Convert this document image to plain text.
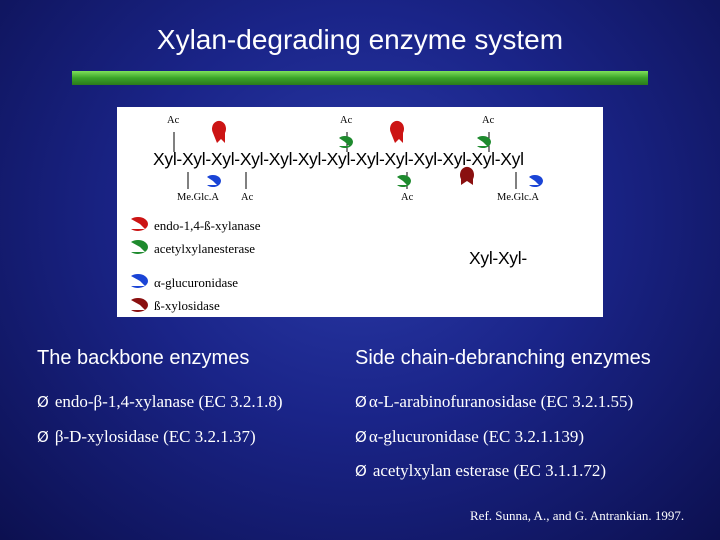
Xylan-degrading enzyme system
Ac	Ac	Ac
Xyl-Xyl-Xyl-Xyl-Xyl-Xyl-Xyl-Xyl-Xyl-Xyl-Xyl-Xyl-Xyl
Me.Glc.A Ac	Ac	Me.Glc.A
endo-1,4-ß-xylanase
acetylxylanesterase
α-glucuronidase
ß-xylosidase
Xyl-Xyl-
The backbone enzymes	Side chain-debranching enzymes
Ø endo-β-1,4-xylanase (EC 3.2.1.8)
Ø β-D-xylosidase (EC 3.2.1.37)
Ø α-L-arabinofuranosidase (EC 3.2.1.55)
Ø α-glucuronidase (EC 3.2.1.139)
Ø acetylxylan esterase (EC 3.1.1.72)
Ref. Sunna, A., and G. Antrankian. 1997.
